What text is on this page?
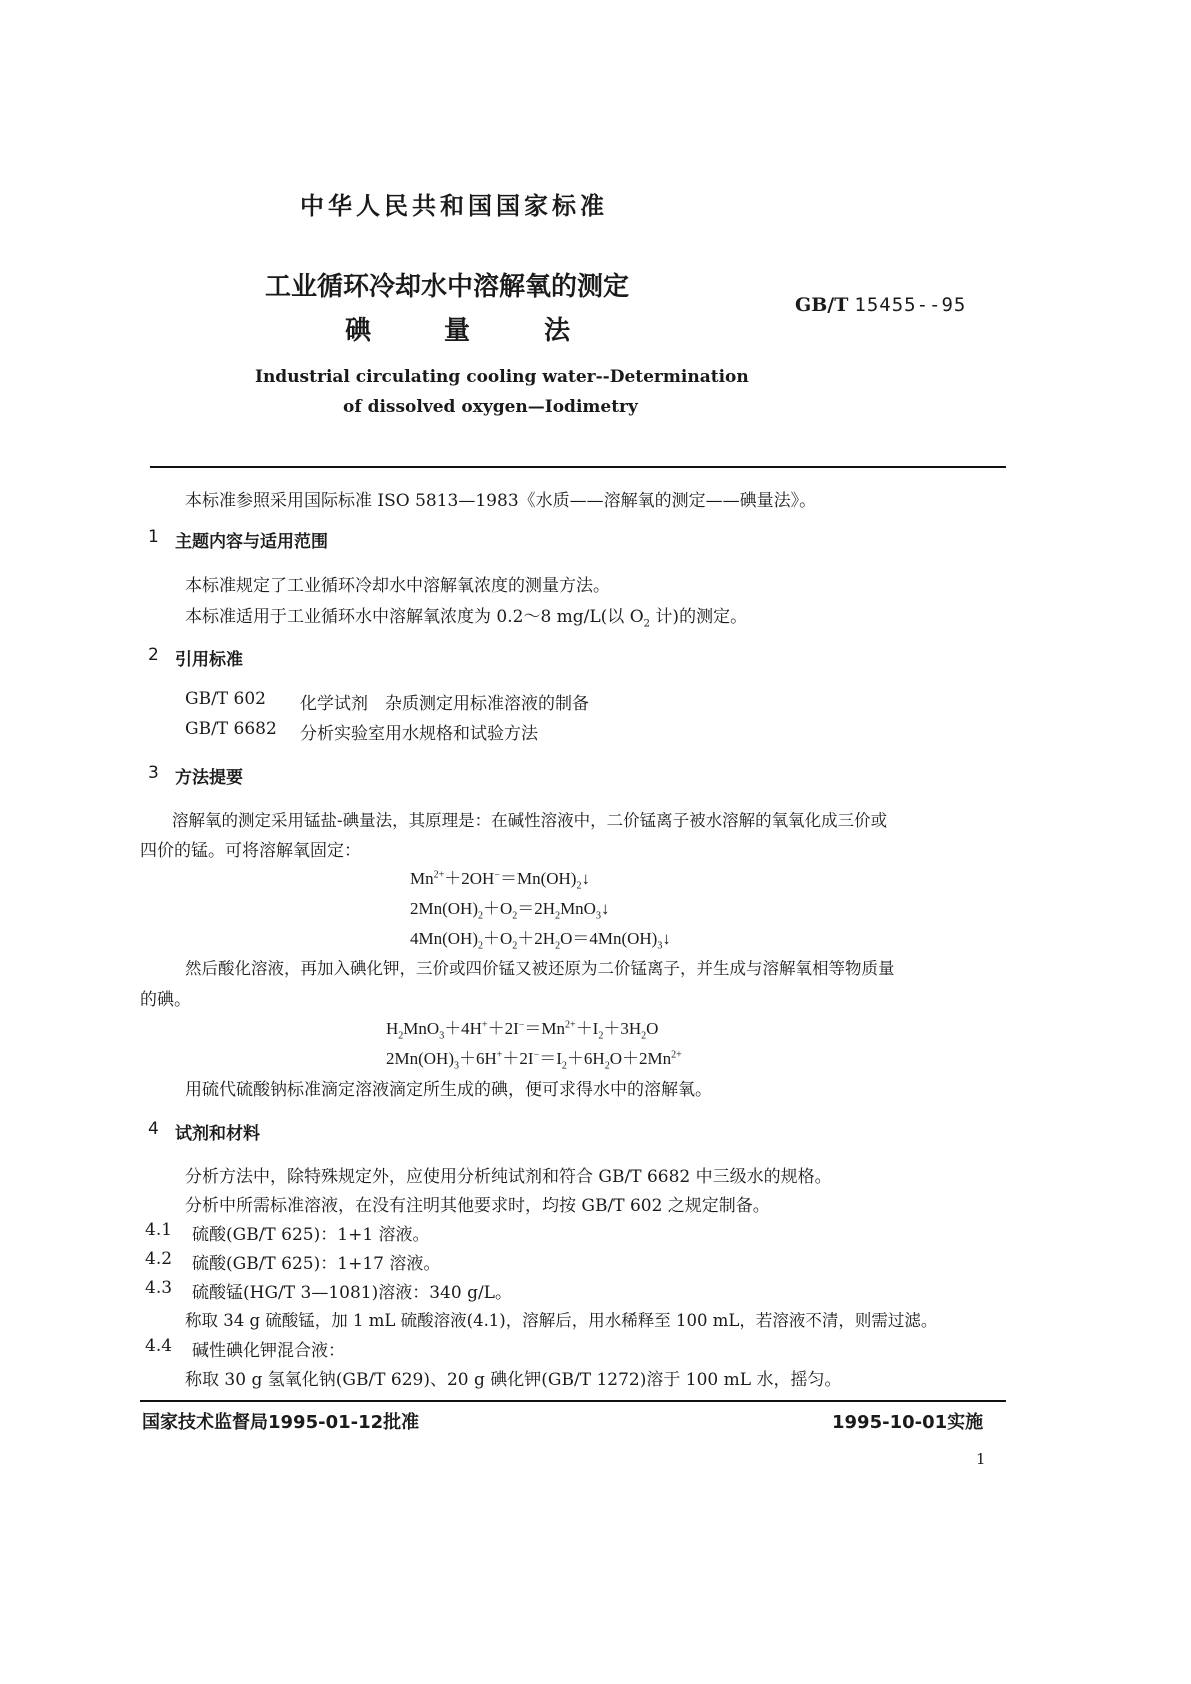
中华人民共和国国家标准
工业循环冷却水中溶解氧的测定
GB/T 15455--95
碘	量	法
Industrial circulating cooling water--Determination
of dissolved oxygen—Iodimetry
本标准参照采用国际标准 ISO 5813—1983《水质——溶解氧的测定——碘量法》。
1 主题内容与适用范围
本标准规定了工业循环冷却水中溶解氧浓度的测量方法。
本标准适用于工业循环水中溶解氧浓度为 0.2～8 mg/L(以 $O_2$ 计)的测定。
2 引用标准
GB/T 602 化学试剂　杂质测定用标准溶液的制备
GB/T 6682 分析实验室用水规格和试验方法
3 方法提要
溶解氧的测定采用锰盐-碘量法，其原理是：在碱性溶液中，二价锰离子被水溶解的氧氧化成三价或
四价的锰。可将溶解氧固定：
$Mn^{2+}+2OH^-=Mn(OH)_2↓$
$2Mn(OH)_2+O_2=2H_2MnO_3↓$
$4Mn(OH)_2+O_2+2H_2O=4Mn(OH)_3↓$
然后酸化溶液，再加入碘化钾，三价或四价锰又被还原为二价锰离子，并生成与溶解氧相等物质量
的碘。
$H_2MnO_3+4H^++2I^-=Mn^{2+}+I_2+3H_2O$
$2Mn(OH)_3+6H^++2I^-=I_2+6H_2O+2Mn^{2+}$
用硫代硫酸钠标准滴定溶液滴定所生成的碘，便可求得水中的溶解氧。
4 试剂和材料
分析方法中，除特殊规定外，应使用分析纯试剂和符合 GB/T 6682 中三级水的规格。
分析中所需标准溶液，在没有注明其他要求时，均按 GB/T 602 之规定制备。
4.1 硫酸(GB/T 625)：1+1 溶液。
4.2 硫酸(GB/T 625)：1+17 溶液。
4.3 硫酸锰(HG/T 3—1081)溶液：340 g/L。
称取 34 g 硫酸锰，加 1 mL 硫酸溶液(4.1)，溶解后，用水稀释至 100 mL，若溶液不清，则需过滤。
4.4 碱性碘化钾混合液：
称取 30 g 氢氧化钠(GB/T 629)、20 g 碘化钾(GB/T 1272)溶于 100 mL 水，摇匀。
国家技术监督局1995-01-12批准	1995-10-01实施
1
